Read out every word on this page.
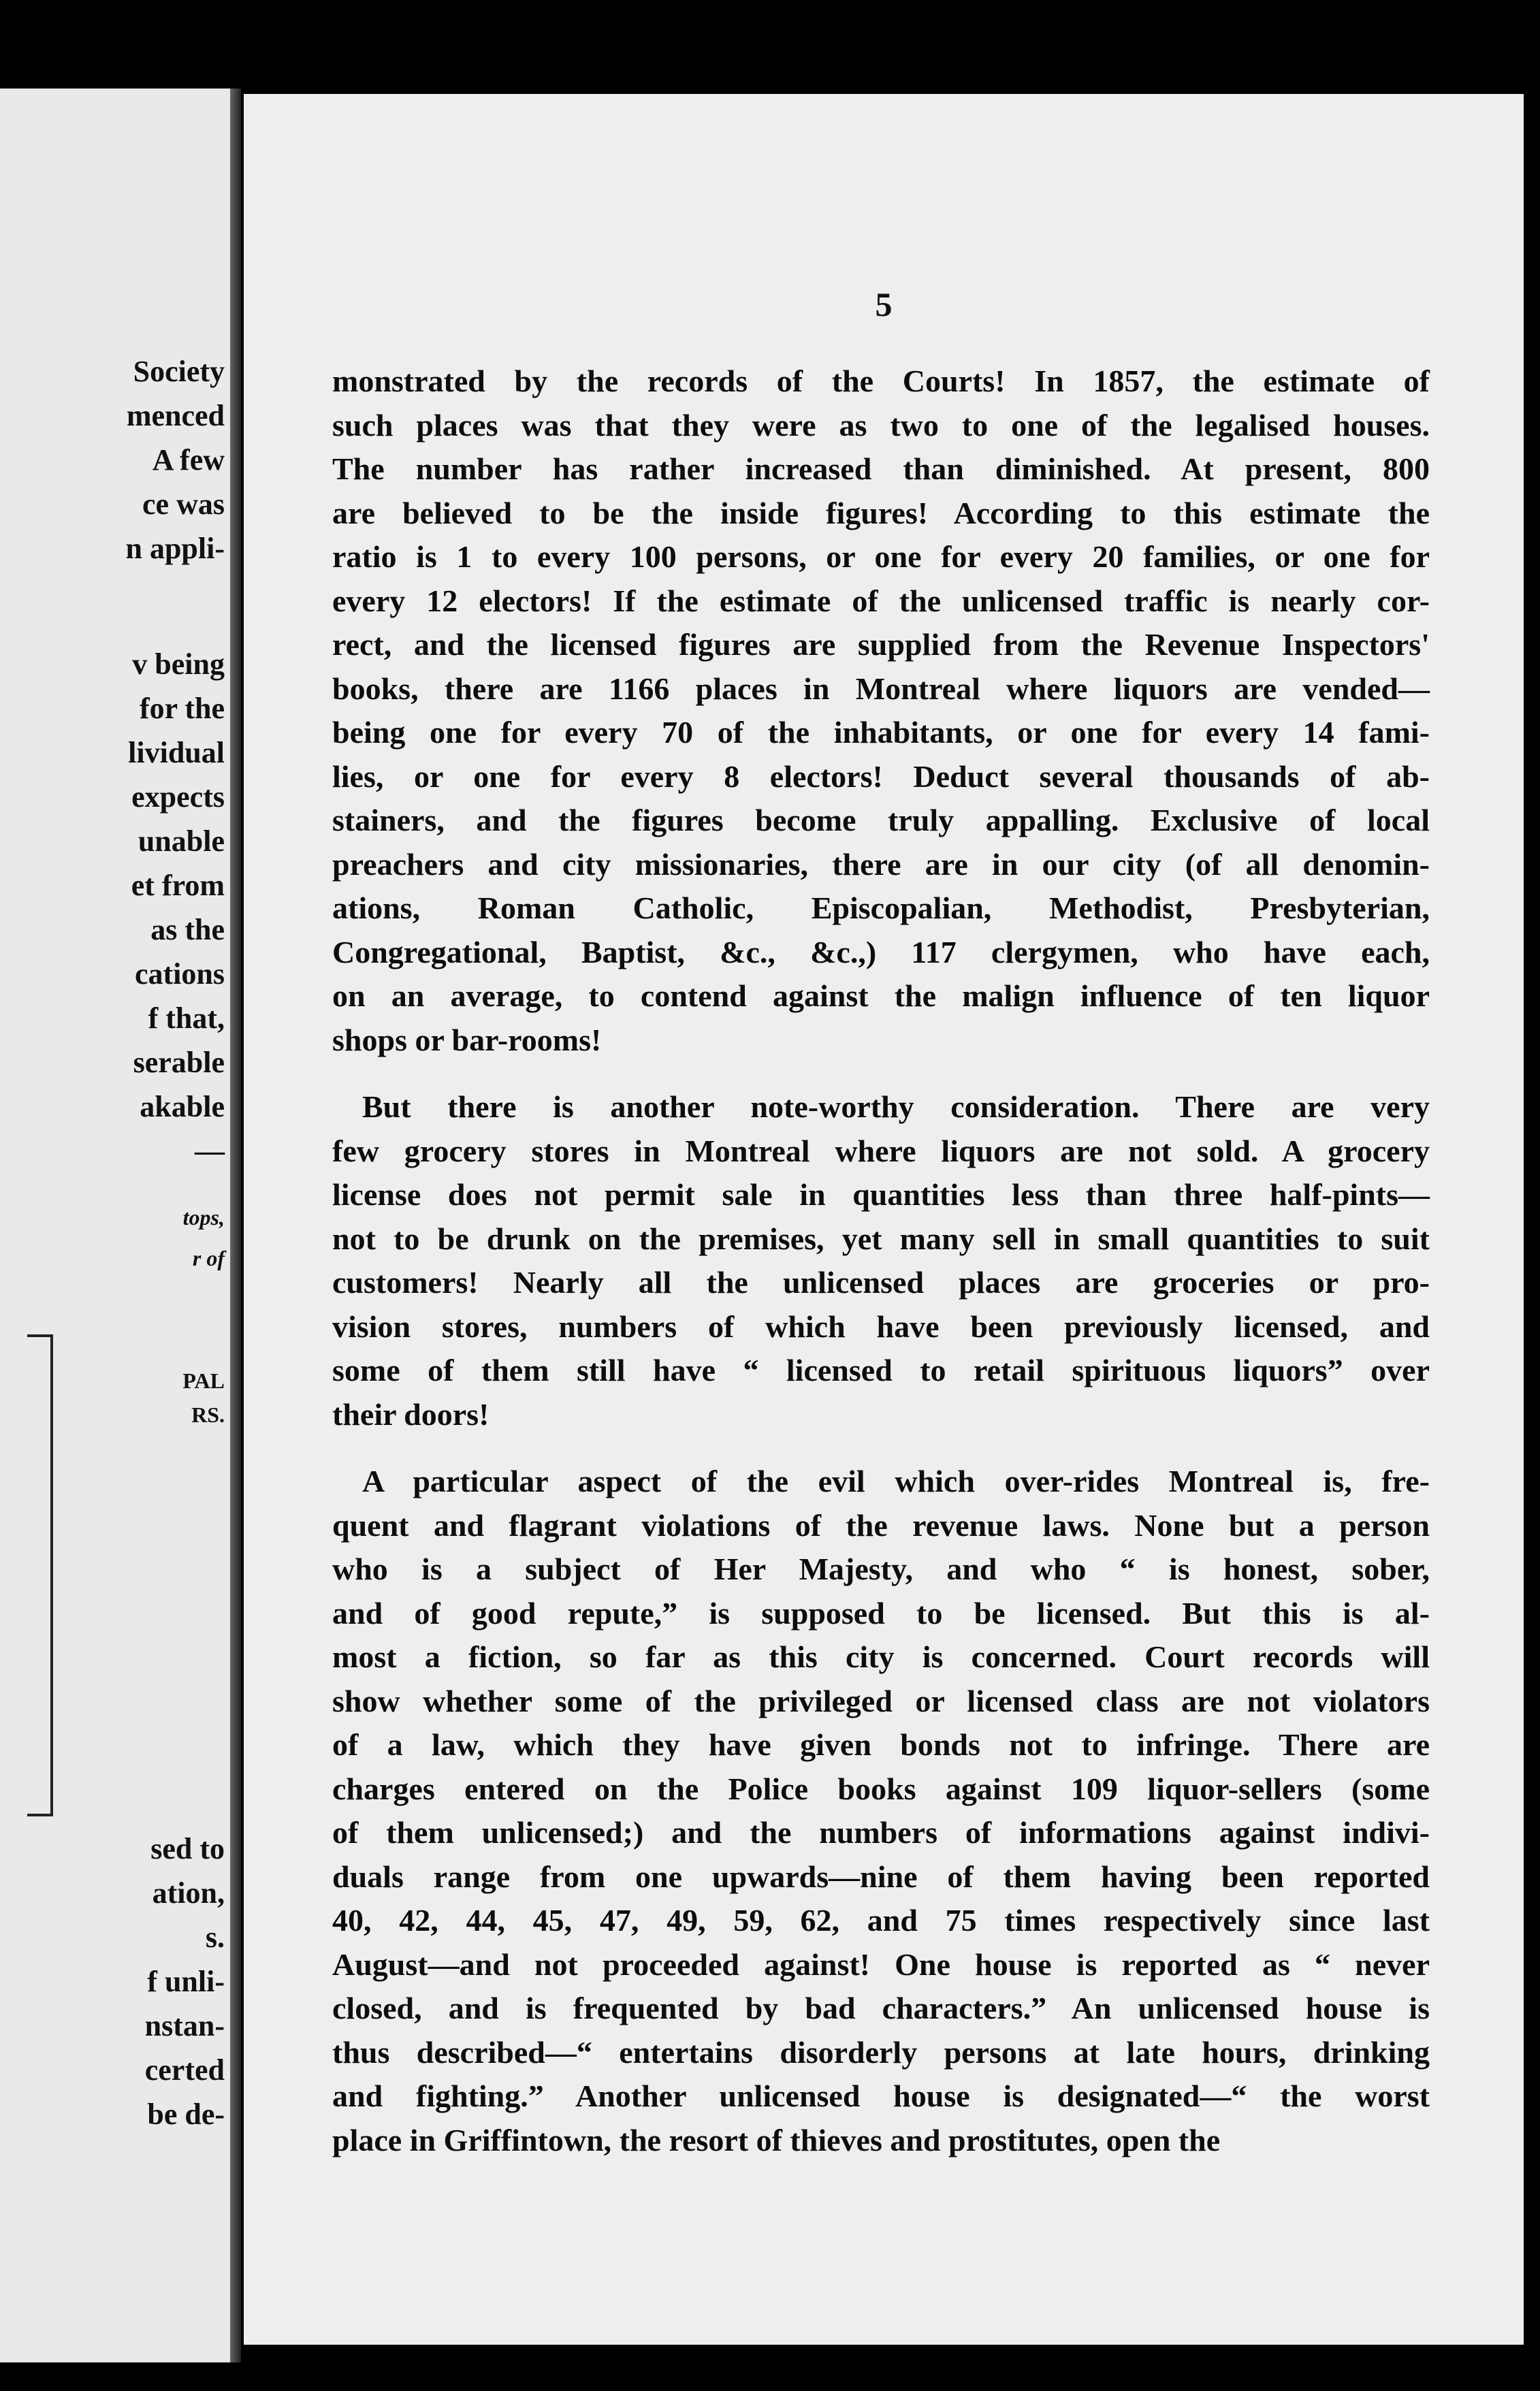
Society

menced

A few

ce was

n appli-

v being

for the

lividual

expects

unable

et from

as the

cations

f that,

serable

akable

—

tops,

r of

PAL

RS.

sed to

ation,

s.

f unli-

nstan-

certed

be de-

5
monstrated by the records of the Courts! In 1857, the estimate of
such places was that they were as two to one of the legalised houses.
The number has rather increased than diminished. At present, 800
are believed to be the inside figures! According to this estimate the
ratio is 1 to every 100 persons, or one for every 20 families, or one for
every 12 electors! If the estimate of the unlicensed traffic is nearly cor-
rect, and the licensed figures are supplied from the Revenue Inspectors'
books, there are 1166 places in Montreal where liquors are vended—
being one for every 70 of the inhabitants, or one for every 14 fami-
lies, or one for every 8 electors! Deduct several thousands of ab-
stainers, and the figures become truly appalling. Exclusive of local
preachers and city missionaries, there are in our city (of all denomin-
ations, Roman Catholic, Episcopalian, Methodist, Presbyterian,
Congregational, Baptist, &c., &c.,) 117 clergymen, who have each,
on an average, to contend against the malign influence of ten liquor
shops or bar-rooms!
But there is another note-worthy consideration. There are very
few grocery stores in Montreal where liquors are not sold. A grocery
license does not permit sale in quantities less than three half-pints—
not to be drunk on the premises, yet many sell in small quantities to suit
customers! Nearly all the unlicensed places are groceries or pro-
vision stores, numbers of which have been previously licensed, and
some of them still have “ licensed to retail spirituous liquors” over
their doors!
A particular aspect of the evil which over-rides Montreal is, fre-
quent and flagrant violations of the revenue laws. None but a person
who is a subject of Her Majesty, and who “ is honest, sober,
and of good repute,” is supposed to be licensed. But this is al-
most a fiction, so far as this city is concerned. Court records will
show whether some of the privileged or licensed class are not violators
of a law, which they have given bonds not to infringe. There are
charges entered on the Police books against 109 liquor-sellers (some
of them unlicensed;) and the numbers of informations against indivi-
duals range from one upwards—nine of them having been reported
40, 42, 44, 45, 47, 49, 59, 62, and 75 times respectively since last
August—and not proceeded against! One house is reported as “ never
closed, and is frequented by bad characters.” An unlicensed house is
thus described—“ entertains disorderly persons at late hours, drinking
and fighting.” Another unlicensed house is designated—“ the worst
place in Griffintown, the resort of thieves and prostitutes, open the
